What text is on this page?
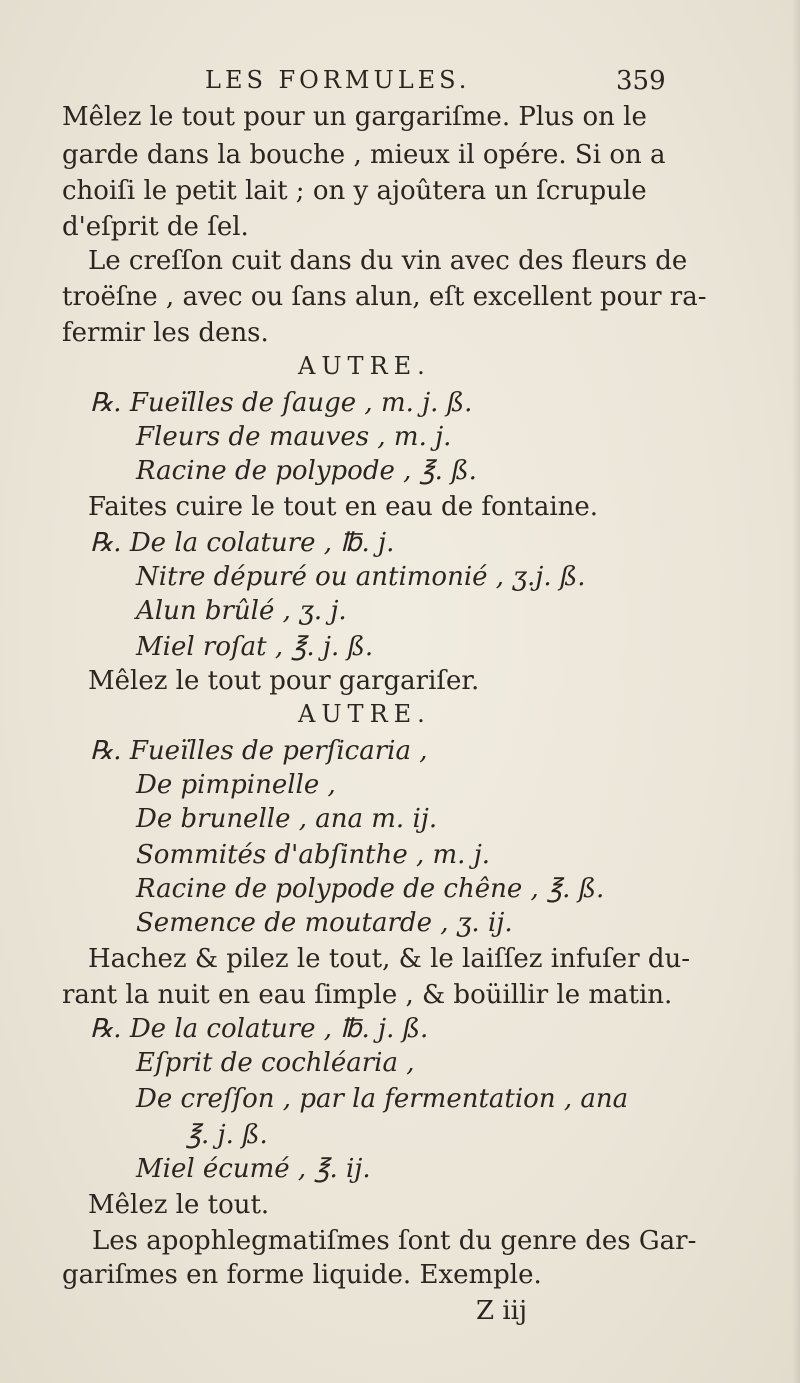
LES FORMULES.	359
Mêlez le tout pour un gargariſme. Plus on le
garde dans la bouche , mieux il opére. Si on a
choiſi le petit lait ; on y ajoûtera un ſcrupule
d'eſprit de ſel.
Le creſſon cuit dans du vin avec des fleurs de
troëſne , avec ou ſans alun, eſt excellent pour ra-
fermir les dens.
AUTRE.
℞. Fueïlles de ſauge , m. j. ß.
Fleurs de mauves , m. j.
Racine de polypode , ℥. ß.
Faites cuire le tout en eau de fontaine.
℞. De la colature , ℔. j.
Nitre dépuré ou antimonié , ʒ.j. ß.
Alun brûlé , ʒ. j.
Miel roſat , ℥. j. ß.
Mêlez le tout pour gargariſer.
AUTRE.
℞. Fueïlles de perſicaria ,
De pimpinelle ,
De brunelle , ana m. ij.
Sommités d'abſinthe , m. j.
Racine de polypode de chêne , ℥. ß.
Semence de moutarde , ʒ. ij.
Hachez & pilez le tout, & le laiſſez infuſer du-
rant la nuit en eau ſimple , & boüillir le matin.
℞. De la colature , ℔. j. ß.
Eſprit de cochléaria ,
De creſſon , par la fermentation , ana
℥. j. ß.
Miel écumé , ℥. ij.
Mêlez le tout.
Les apophlegmatiſmes ſont du genre des Gar-
gariſmes en forme liquide. Exemple.
Z iij
